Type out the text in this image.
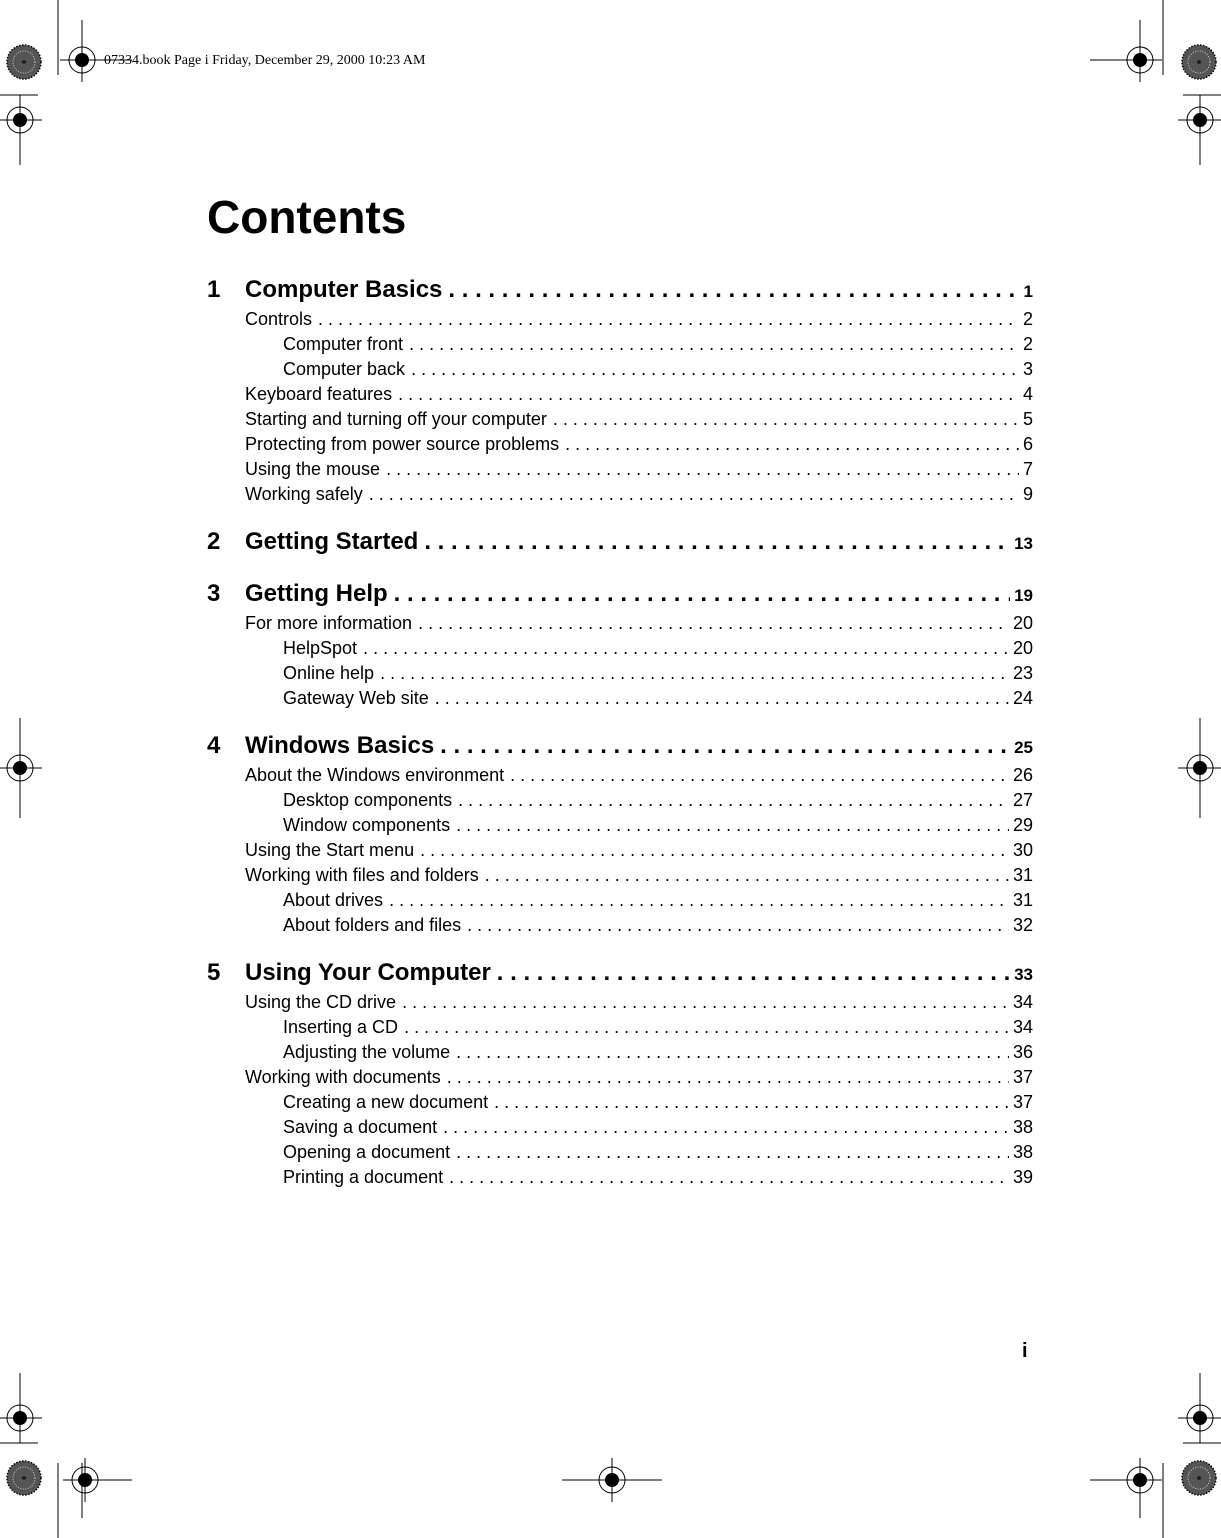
07334.book Page i Friday, December 29, 2000 10:23 AM
Contents
1	Computer Basics . . .	1
Controls . . .	2
Computer front . . .	2
Computer back . . .	3
Keyboard features . . .	4
Starting and turning off your computer . . .	5
Protecting from power source problems . . .	6
Using the mouse . . .	7
Working safely . . .	9
2	Getting Started . . .	13
3	Getting Help . . .	19
For more information . . .	20
HelpSpot . . .	20
Online help . . .	23
Gateway Web site . . .	24
4	Windows Basics . . .	25
About the Windows environment . . .	26
Desktop components . . .	27
Window components . . .	29
Using the Start menu . . .	30
Working with files and folders . . .	31
About drives . . .	31
About folders and files . . .	32
5	Using Your Computer . . .	33
Using the CD drive . . .	34
Inserting a CD . . .	34
Adjusting the volume . . .	36
Working with documents . . .	37
Creating a new document . . .	37
Saving a document . . .	38
Opening a document . . .	38
Printing a document . . .	39
i
